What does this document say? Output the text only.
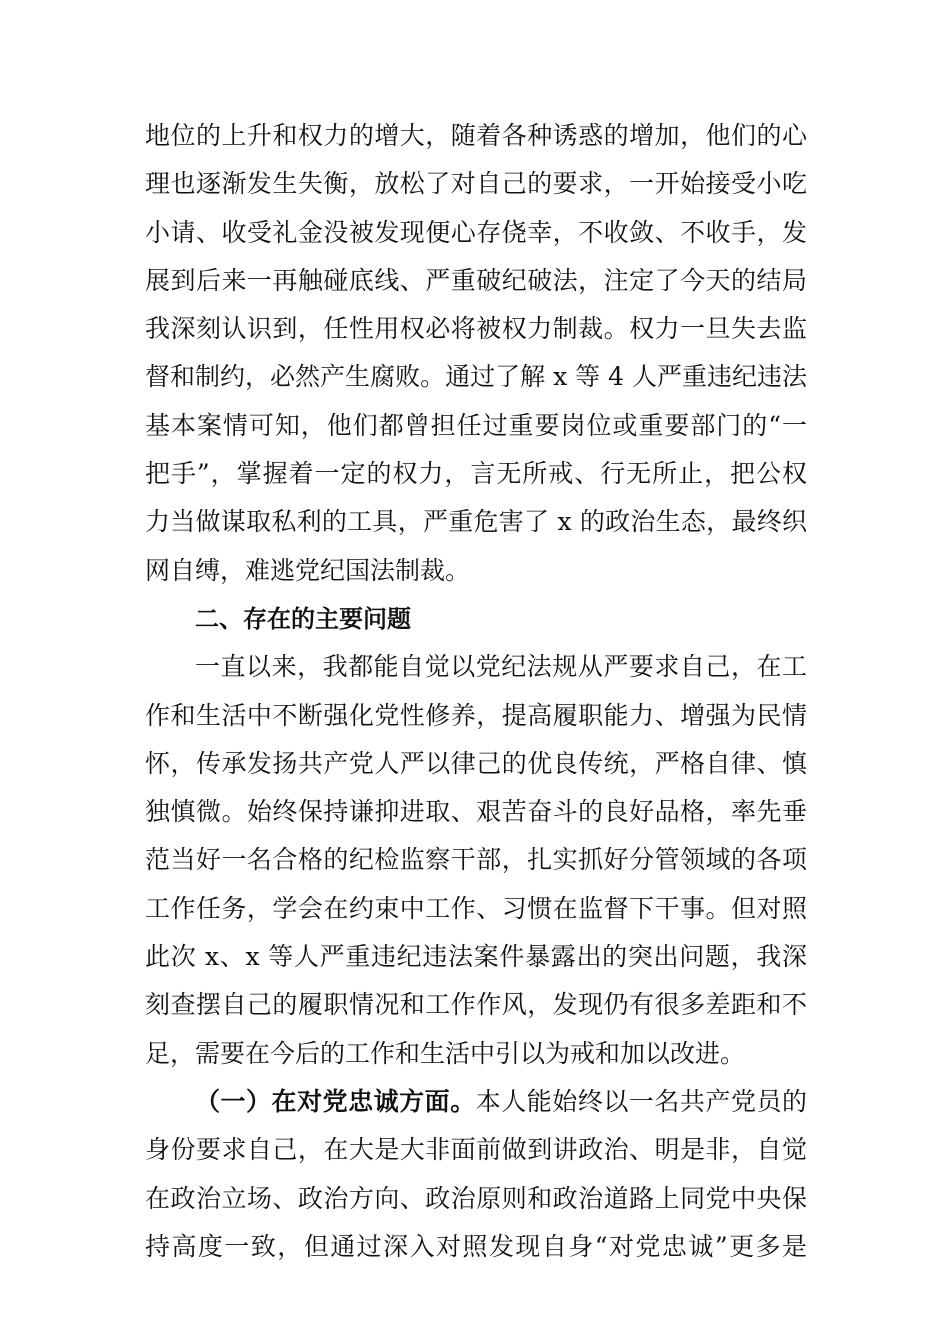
地位的上升和权力的增大，随着各种诱惑的增加，他们的心
理也逐渐发生失衡，放松了对自己的要求，一开始接受小吃
小请、收受礼金没被发现便心存侥幸，不收敛、不收手，发
展到后来一再触碰底线、严重破纪破法，注定了今天的结局
我深刻认识到，任性用权必将被权力制裁。权力一旦失去监
督和制约，必然产生腐败。通过了解 x 等 4 人严重违纪违法
基本案情可知，他们都曾担任过重要岗位或重要部门的“一
把手”，掌握着一定的权力，言无所戒、行无所止，把公权
力当做谋取私利的工具，严重危害了 x 的政治生态，最终织
网自缚，难逃党纪国法制裁。
二、存在的主要问题
一直以来，我都能自觉以党纪法规从严要求自己，在工
作和生活中不断强化党性修养，提高履职能力、增强为民情
怀，传承发扬共产党人严以律己的优良传统，严格自律、慎
独慎微。始终保持谦抑进取、艰苦奋斗的良好品格，率先垂
范当好一名合格的纪检监察干部，扎实抓好分管领域的各项
工作任务，学会在约束中工作、习惯在监督下干事。但对照
此次 x、x 等人严重违纪违法案件暴露出的突出问题，我深
刻查摆自己的履职情况和工作作风，发现仍有很多差距和不
足，需要在今后的工作和生活中引以为戒和加以改进。
（一）在对党忠诚方面。本人能始终以一名共产党员的
身份要求自己，在大是大非面前做到讲政治、明是非，自觉
在政治立场、政治方向、政治原则和政治道路上同党中央保
持高度一致，但通过深入对照发现自身“对党忠诚”更多是
